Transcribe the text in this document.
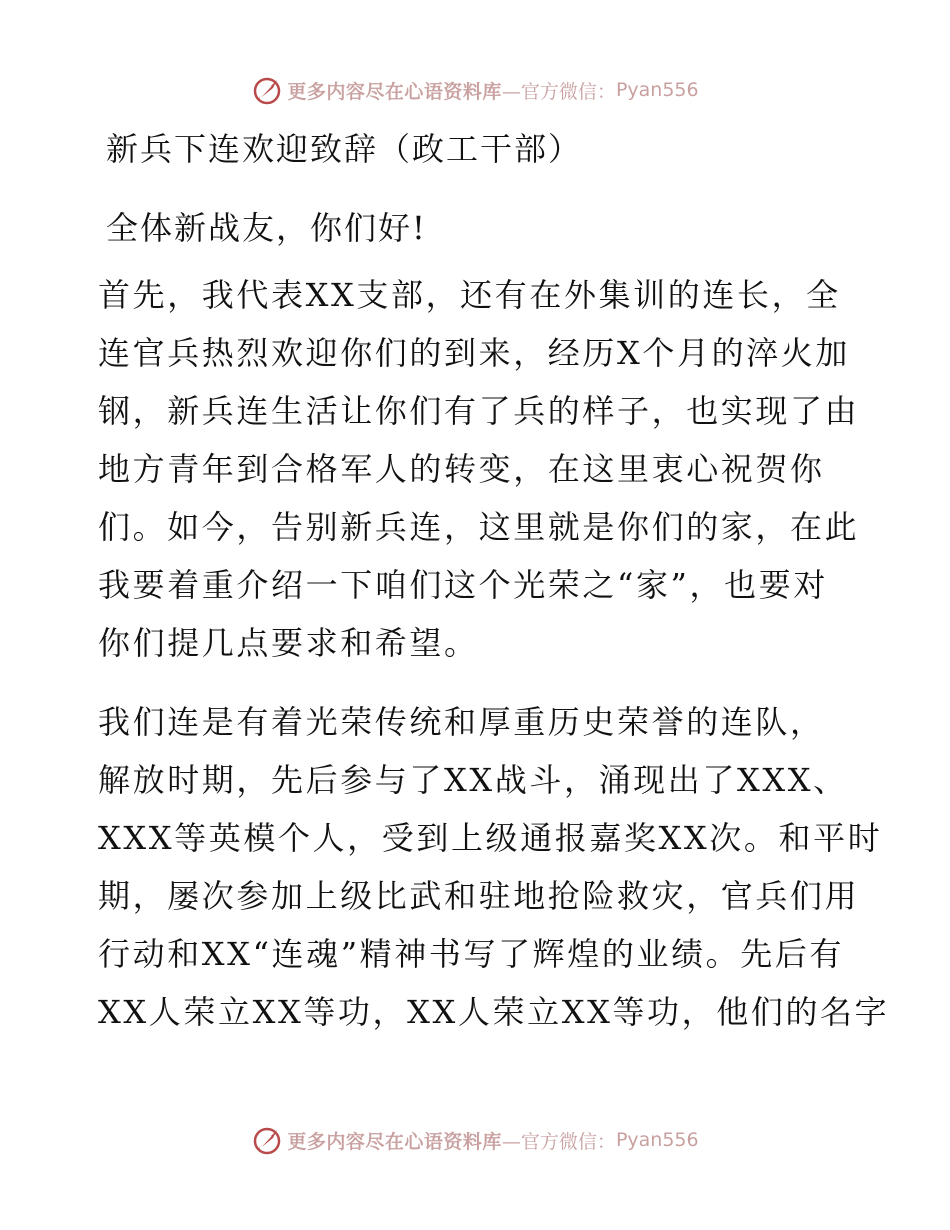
更多内容尽在心语资料库 —官方微信： Pyan556
新兵下连欢迎致辞（政工干部）
全体新战友，你们好!
首先，我代表XX支部，还有在外集训的连长，全
连官兵热烈欢迎你们的到来，经历X个月的淬火加
钢，新兵连生活让你们有了兵的样子，也实现了由
地方青年到合格军人的转变，在这里衷心祝贺你
们。如今，告别新兵连，这里就是你们的家，在此
我要着重介绍一下咱们这个光荣之“家”，也要对
你们提几点要求和希望。
我们连是有着光荣传统和厚重历史荣誉的连队，
解放时期，先后参与了XX战斗，涌现出了XXX、
XXX等英模个人，受到上级通报嘉奖XX次。和平时
期，屡次参加上级比武和驻地抢险救灾，官兵们用
行动和XX“连魂”精神书写了辉煌的业绩。先后有
XX人荣立XX等功，XX人荣立XX等功，他们的名字
更多内容尽在心语资料库 —官方微信： Pyan556
